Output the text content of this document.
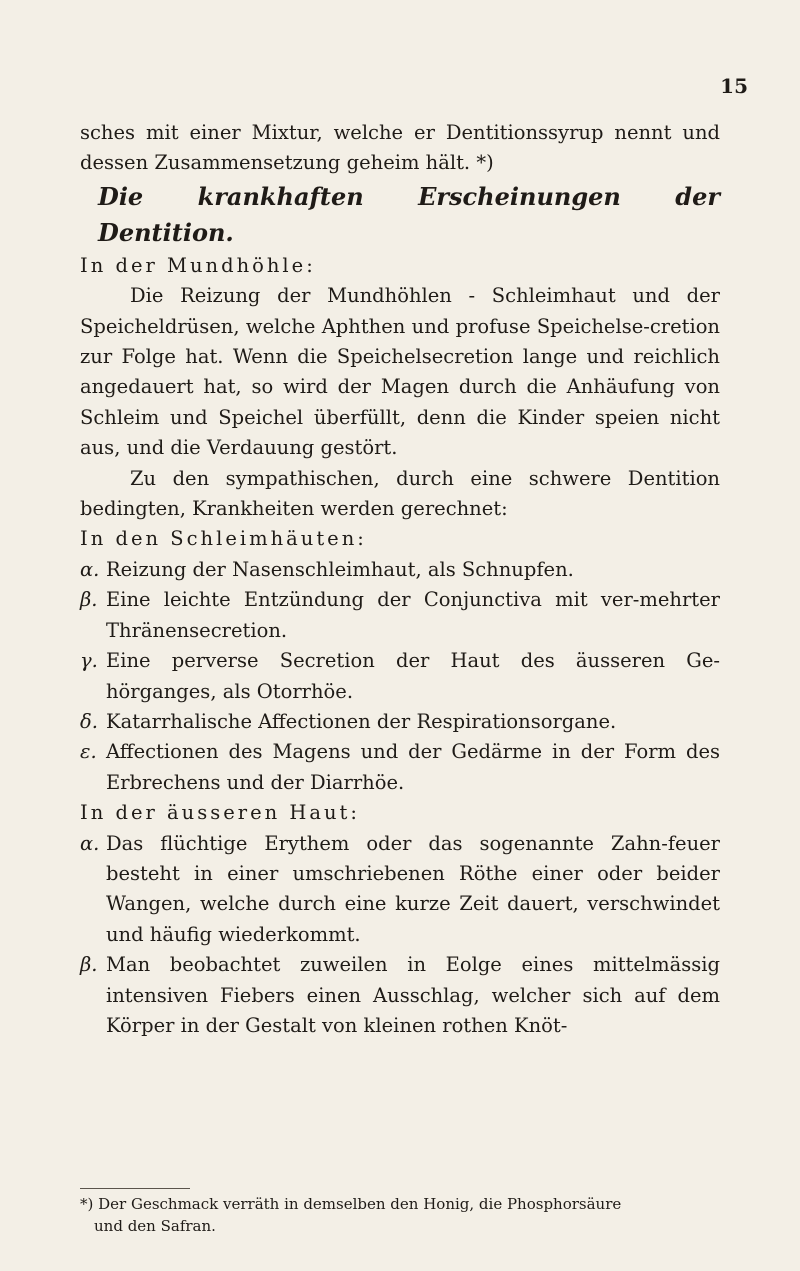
15

sches mit einer Mixtur, welche er Dentitionssyrup nennt und dessen Zusammensetzung geheim hält. *)

Die krankhaften Erscheinungen der Dentition.

In der Mundhöhle:

Die Reizung der Mundhöhlen - Schleimhaut und der Speicheldrüsen, welche Aphthen und profuse Speichelse-cretion zur Folge hat. Wenn die Speichelsecretion lange und reichlich angedauert hat, so wird der Magen durch die Anhäufung von Schleim und Speichel überfüllt, denn die Kinder speien nicht aus, und die Verdauung gestört.

Zu den sympathischen, durch eine schwere Dentition bedingten, Krankheiten werden gerechnet:

In den Schleimhäuten:

α. Reizung der Nasenschleimhaut, als Schnupfen.
β. Eine leichte Entzündung der Conjunctiva mit ver-mehrter Thränensecretion.
γ. Eine perverse Secretion der Haut des äusseren Ge-hörganges, als Otorrhöe.
δ. Katarrhalische Affectionen der Respirationsorgane.
ε. Affectionen des Magens und der Gedärme in der Form des Erbrechens und der Diarrhöe.

In der äusseren Haut:

α. Das flüchtige Erythem oder das sogenannte Zahn-feuer besteht in einer umschriebenen Röthe einer oder beider Wangen, welche durch eine kurze Zeit dauert, verschwindet und häufig wiederkommt.
β. Man beobachtet zuweilen in Eolge eines mittelmässig intensiven Fiebers einen Ausschlag, welcher sich auf dem Körper in der Gestalt von kleinen rothen Knöt-

*) Der Geschmack verräth in demselben den Honig, die Phosphorsäure

und den Safran.
